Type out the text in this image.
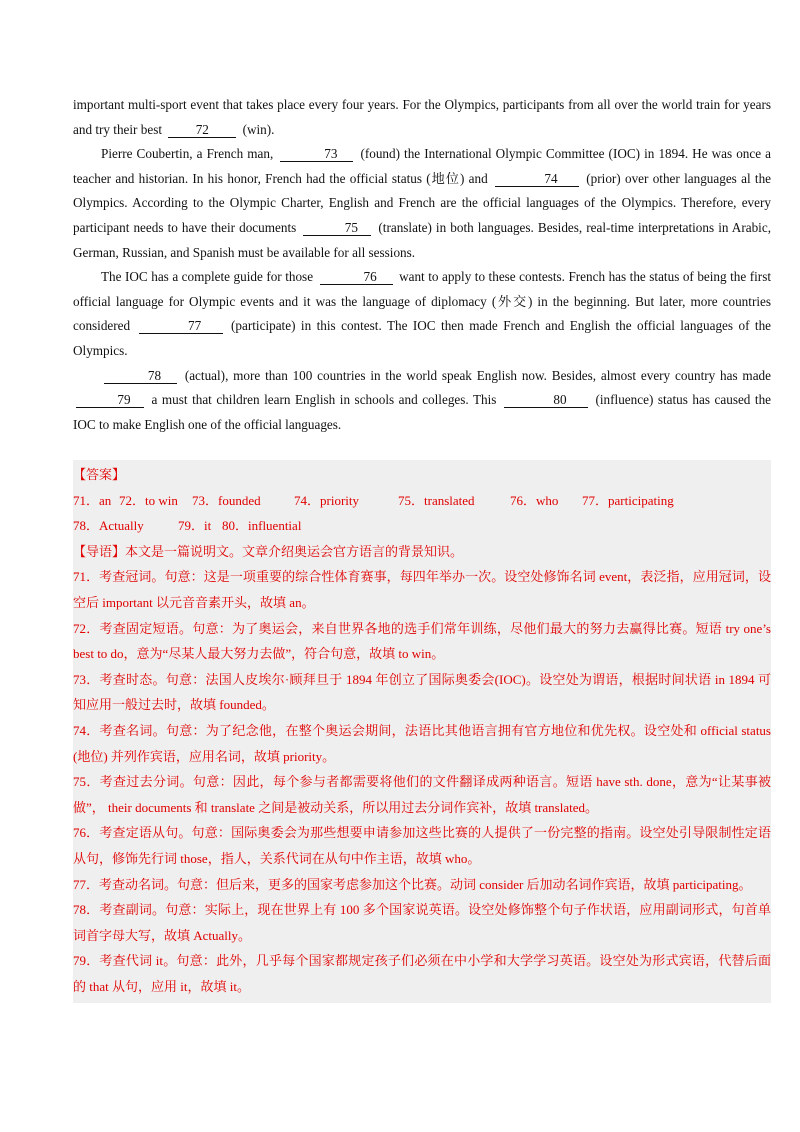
important multi-sport event that takes place every four years. For the Olympics, participants from all over the world train for years and try their best	72	(win).

Pierre Coubertin, a French man,	73 (found) the International Olympic Committee (IOC) in 1894. He was once a teacher and historian. In his honor, French had the official status (地位) and	74 (prior) over other languages al the Olympics. According to the Olympic Charter, English and French are the official languages of the Olympics. Therefore, every participant needs to have their documents	75 (translate) in both languages. Besides, real-time interpretations in Arabic, German, Russian, and Spanish must be available for all sessions.

The IOC has a complete guide for those	76 want to apply to these contests. French has the status of being the first official language for Olympic events and it was the language of diplomacy (外交) in the beginning. But later, more countries considered	77 (participate) in this contest. The IOC then made French and English the official languages of the Olympics.

78 (actual), more than 100 countries in the world speak English now. Besides, almost every country has made 79 a must that children learn English in schools and colleges. This	80 (influence) status has caused the IOC to make English one of the official languages.

【答案】

71．an 72．to win 73．founded	74．priority	75．translated	76．who 77．participating

78．Actually	79．it 80．influential

【导语】本文是一篇说明文。文章介绍奥运会官方语言的背景知识。

71．考查冠词。句意：这是一项重要的综合性体育赛事，每四年举办一次。设空处修饰名词 event，表泛指，应用冠词，设空后 important 以元音音素开头，故填 an。

72．考查固定短语。句意：为了奥运会，来自世界各地的选手们常年训练，尽他们最大的努力去赢得比赛。短语 try one’s best to do，意为“尽某人最大努力去做”，符合句意，故填 to win。

73．考查时态。句意：法国人皮埃尔·顾拜旦于 1894 年创立了国际奥委会(IOC)。设空处为谓语，根据时间状语 in 1894 可知应用一般过去时，故填 founded。

74．考查名词。句意：为了纪念他，在整个奥运会期间，法语比其他语言拥有官方地位和优先权。设空处和 official status (地位) 并列作宾语，应用名词，故填 priority。

75．考查过去分词。句意：因此，每个参与者都需要将他们的文件翻译成两种语言。短语 have sth. done，意为“让某事被做”， their documents 和 translate 之间是被动关系，所以用过去分词作宾补，故填 translated。

76．考查定语从句。句意：国际奥委会为那些想要申请参加这些比赛的人提供了一份完整的指南。设空处引导限制性定语从句，修饰先行词 those，指人，关系代词在从句中作主语，故填 who。

77．考查动名词。句意：但后来，更多的国家考虑参加这个比赛。动词 consider 后加动名词作宾语，故填 participating。

78．考查副词。句意：实际上，现在世界上有 100 多个国家说英语。设空处修饰整个句子作状语，应用副词形式，句首单词首字母大写，故填 Actually。

79．考查代词 it。句意：此外，几乎每个国家都规定孩子们必须在中小学和大学学习英语。设空处为形式宾语，代替后面的 that 从句，应用 it，故填 it。
